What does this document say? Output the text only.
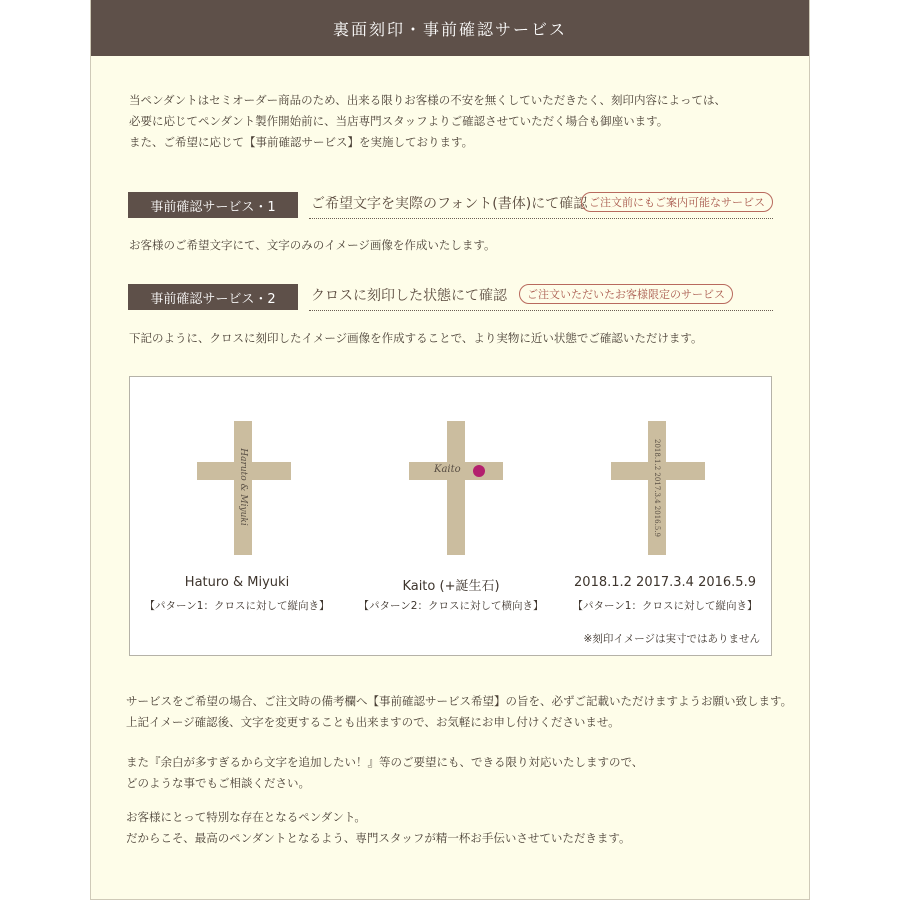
裏面刻印・事前確認サービス

当ペンダントはセミオーダー商品のため、出来る限りお客様の不安を無くしていただきたく、刻印内容によっては、

必要に応じてペンダント製作開始前に、当店専門スタッフよりご確認させていただく場合も御座います。

また、ご希望に応じて【事前確認サービス】を実施しております。

事前確認サービス・1	ご希望文字を実際のフォント(書体)にて確認 ご注文前にもご案内可能なサービス
お客様のご希望文字にて、文字のみのイメージ画像を作成いたします。
事前確認サービス・2	クロスに刻印した状態にて確認	ご注文いただいたお客様限定のサービス
下記のように、クロスに刻印したイメージ画像を作成することで、より実物に近い状態でご確認いただけます。
Haruto & Miyuki
Haturo & Miyuki
【パターン1：クロスに対して縦向き】
Kaito
Kaito (+誕生石)
【パターン2：クロスに対して横向き】
2018.1.2 2017.3.4 2016.5.9
2018.1.2 2017.3.4 2016.5.9
【パターン1：クロスに対して縦向き】
※刻印イメージは実寸ではありません

サービスをご希望の場合、ご注文時の備考欄へ【事前確認サービス希望】の旨を、必ずご記載いただけますようお願い致します。

上記イメージ確認後、文字を変更することも出来ますので、お気軽にお申し付けくださいませ。

また『余白が多すぎるから文字を追加したい！』等のご要望にも、できる限り対応いたしますので、

どのような事でもご相談ください。

お客様にとって特別な存在となるペンダント。

だからこそ、最高のペンダントとなるよう、専門スタッフが精一杯お手伝いさせていただきます。
